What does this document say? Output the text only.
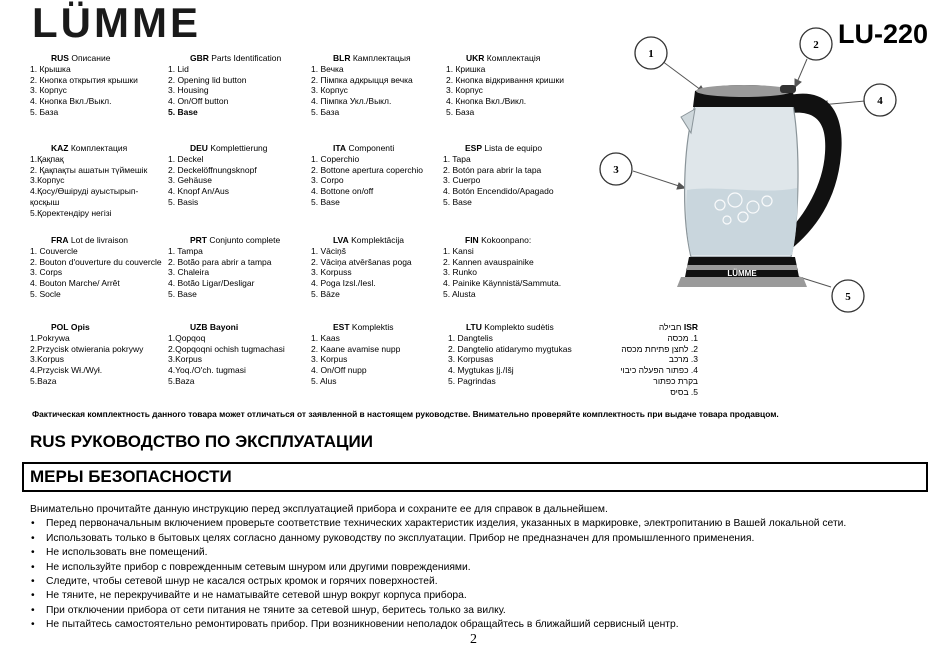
LÜMME	LU-220
RUS Описание
1. Крышка
2. Кнопка открытия крышки
3. Корпус
4. Кнопка Вкл./Выкл.
5. База
GBR Parts Identification
1. Lid
2. Opening lid button
3. Housing
4. On/Off button
5. Base
BLR Камплектацыя
1. Вечка
2. Пімпка адкрыцця вечка
3. Корпус
4. Пімпка Укл./Выкл.
5. База
UKR Комплектація
1. Кришка
2. Кнопка відкривання кришки
3. Корпус
4. Кнопка Вкл./Викл.
5. База
KAZ Комплектация
1.Қақпақ
2. Қақпақты ашатын түймешік
3.Корпус
4.Қосу/Өшіруді ауыстырып-
қосқыш
5.Қоректендіру негізі
DEU Komplettierung
1. Deckel
2. Deckelöffnungsknopf
3. Gehäuse
4. Knopf An/Aus
5. Basis
ITA Componenti
1. Coperchio
2. Bottone apertura coperchio
3. Corpo
4. Bottone on/off
5. Base
ESP Lista de equipo
1. Tapa
2. Botón para abrir la tapa
3. Cuerpo
4. Botón Encendido/Apagado
5. Base
FRA Lot de livraison
1. Couvercle
2. Bouton d'ouverture du couvercle
3. Corps
4. Bouton Marche/ Arrêt
5. Socle
PRT Conjunto complete
1. Tampa
2. Botão para abrir a tampa
3. Chaleira
4. Botão Ligar/Desligar
5. Base
LVA Komplektācija
1. Vāciņš
2. Vāciņa atvēršanas poga
3. Korpuss
4. Poga Izsl./Iesl.
5. Bāze
FIN Kokoonpano:
1. Kansi
2. Kannen avauspainike
3. Runko
4. Painike Käynnistä/Sammuta.
5. Alusta
POL Opis
1.Pokrywa
2.Przycisk otwierania pokrywy
3.Korpus
4.Przycisk Wł./Wył.
5.Baza
UZB Bayoni
1.Qopqoq
2.Qopqoqni ochish tugmachasi
3.Korpus
4.Yoq./O'ch. tugmasi
5.Baza
EST Komplektis
1. Kaas
2. Kaane avamise nupp
3. Korpus
4. On/Off nupp
5. Alus
LTU Komplekto sudėtis
1. Dangtelis
2. Dangtelio atidarymo mygtukas
3. Korpusas
4. Mygtukas Įj./Išj
5. Pagrindas
ISR חבילה
1. מכסה
2. לחצן פתיחת מכסה
3. מרכב
4. כפתור הפעלה כיבוי
בקרת כפתור
5. בסיס
LÜMME
1
2
3
4
5
Фактическая комплектность данного товара может отличаться от заявленной в настоящем руководстве. Внимательно проверяйте комплектность при выдаче товара продавцом.
RUS РУКОВОДСТВО ПО ЭКСПЛУАТАЦИИ
МЕРЫ БЕЗОПАСНОСТИ
Внимательно прочитайте данную инструкцию перед эксплуатацией прибора и сохраните ее для справок в дальнейшем.
• Перед первоначальным включением проверьте соответствие технических характеристик изделия, указанных в маркировке, электропитанию в Вашей локальной сети.
• Использовать только в бытовых целях согласно данному руководству по эксплуатации. Прибор не предназначен для промышленного применения.
• Не использовать вне помещений.
• Не используйте прибор с поврежденным сетевым шнуром или другими повреждениями.
• Следите, чтобы сетевой шнур не касался острых кромок и горячих поверхностей.
• Не тяните, не перекручивайте и не наматывайте сетевой шнур вокруг корпуса прибора.
• При отключении прибора от сети питания не тяните за сетевой шнур, беритесь только за вилку.
• Не пытайтесь самостоятельно ремонтировать прибор. При возникновении неполадок обращайтесь в ближайший сервисный центр.
2
